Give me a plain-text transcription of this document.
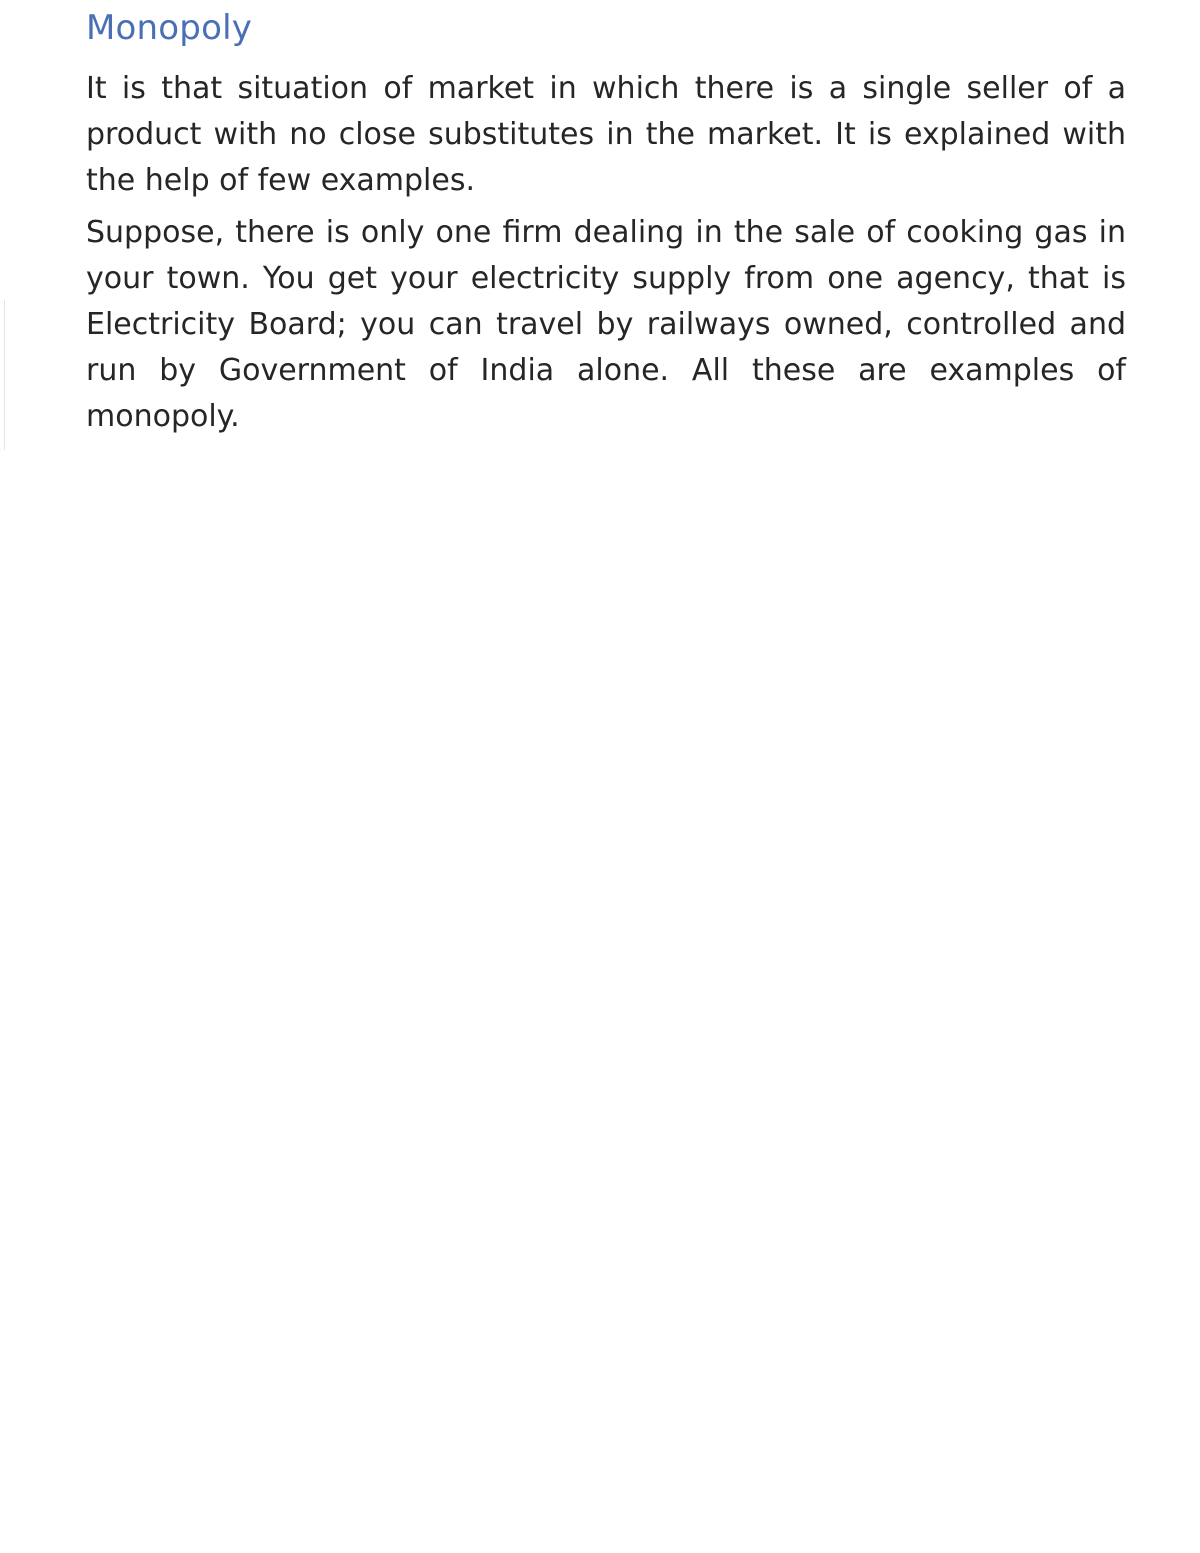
Monopoly

It is that situation of market in which there is a single seller of a product with no close substitutes in the market. It is explained with the help of few examples.

Suppose, there is only one firm dealing in the sale of cooking gas in your town. You get your electricity supply from one agency, that is Electricity Board; you can travel by railways owned, controlled and run by Government of India alone. All these are examples of monopoly.
